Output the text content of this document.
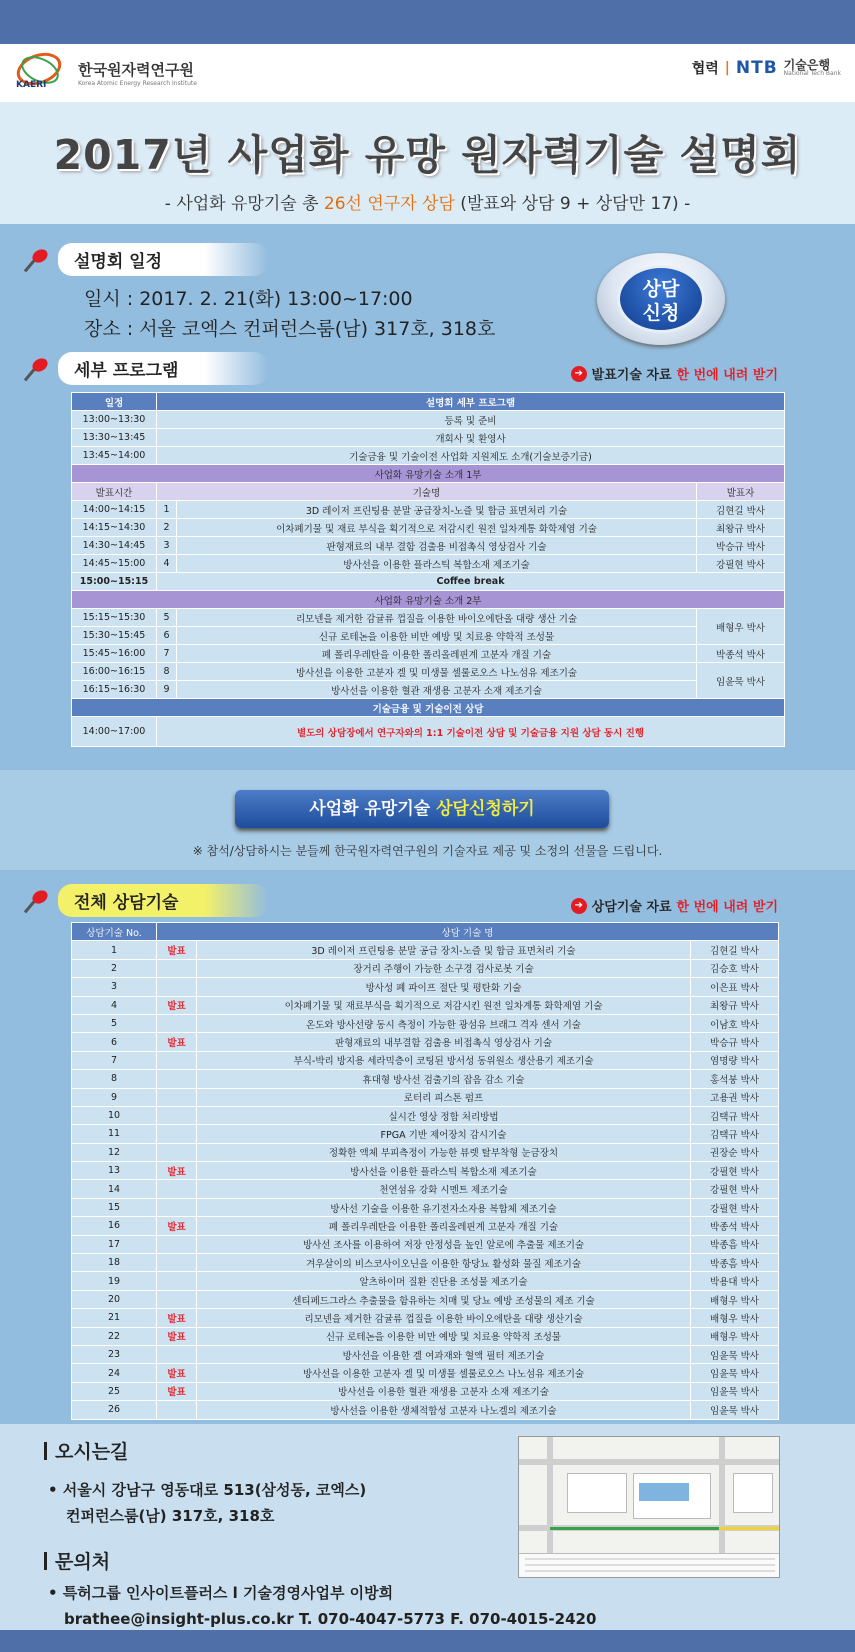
KAERI
한국원자력연구원
Korea Atomic Energy Research Institute
협력 | NTB 기술은행
National Tech Bank
2017년 사업화 유망 원자력기술 설명회
- 사업화 유망기술 총 26선 연구자 상담 (발표와 상담 9 + 상담만 17) -
설명회 일정
일시 : 2017. 2. 21(화) 13:00~17:00
장소 : 서울 코엑스 컨퍼런스룸(남) 317호, 318호
상담
신청
세부 프로그램	➔ 발표기술 자료 한 번에 내려 받기
일정	설명회 세부 프로그램		
13:00~13:30	등록 및 준비		
13:30~13:45	개회사 및 환영사		
13:45~14:00	기술금융 및 기술이전 사업화 지원제도 소개(기술보증기금)		
사업화 유망기술 소개 1부			
발표시간	기술명		발표자
14:00~14:15	1	3D 레이저 프린팅용 분말 공급장치-노즐 및 합금 표면처리 기술	김현길 박사
14:15~14:30	2	이차폐기물 및 재료 부식을 획기적으로 저감시킨 원전 일차계통 화학제염 기술	최왕규 박사
14:30~14:45	3	판형재료의 내부 결함 검출용 비접촉식 영상검사 기술	박승규 박사
14:45~15:00	4	방사선을 이용한 플라스틱 복합소재 제조기술	강필현 박사
15:00~15:15	Coffee break		
사업화 유망기술 소개 2부			
15:15~15:30	5	리모넨을 제거한 감귤류 껍질을 이용한 바이오에탄올 대량 생산 기술	배형우 박사
15:30~15:45	6	신규 로테논을 이용한 비만 예방 및 치료용 약학적 조성물	
15:45~16:00	7	폐 폴리우레탄을 이용한 폴리올레핀계 고분자 개질 기술	박종석 박사
16:00~16:15	8	방사선을 이용한 고분자 겔 및 미생물 셀룰로오스 나노섬유 제조기술	임윤묵 박사
16:15~16:30	9	방사선을 이용한 혈관 재생용 고분자 소재 제조기술	
기술금융 및 기술이전 상담			
14:00~17:00	별도의 상담장에서 연구자와의 1:1 기술이전 상담 및 기술금융 지원 상담 동시 진행		
사업화 유망기술 상담신청하기
※ 참석/상담하시는 분들께 한국원자력연구원의 기술자료 제공 및 소정의 선물을 드립니다.
전체 상담기술	➔ 상담기술 자료 한 번에 내려 받기
상담기술 No.	상담 기술 명		
1	발표	3D 레이저 프린팅용 분말 공급 장치-노즐 및 합금 표면처리 기술	김현길 박사
2		장거리 주행이 가능한 소구경 검사로봇 기술	김승호 박사
3		방사성 폐 파이프 절단 및 평탄화 기술	이은표 박사
4	발표	이차폐기물 및 재료부식을 획기적으로 저감시킨 원전 일차계통 화학제염 기술	최왕규 박사
5		온도와 방사선량 동시 측정이 가능한 광섬유 브래그 격자 센서 기술	이남호 박사
6	발표	판형재료의 내부결함 검출용 비접촉식 영상검사 기술	박승규 박사
7		부식-박리 방지용 세라믹층이 코팅된 방서성 동위원소 생산용기 제조기술	염명량 박사
8		휴대형 방사선 검출기의 잡음 감소 기술	홍석붕 박사
9		로터리 피스톤 펌프	고용권 박사
10		실시간 영상 정합 처리방법	김택규 박사
11		FPGA 기반 제어장치 감시기술	김택규 박사
12		정확한 액체 부피측정이 가능한 뷰렛 탈부착형 눈금장치	권장순 박사
13	발표	방사선을 이용한 플라스틱 복합소재 제조기술	강필현 박사
14		천연섬유 강화 시멘트 제조기술	강필현 박사
15		방사선 기술을 이용한 유기전자소자용 복합체 제조기술	강필현 박사
16	발표	폐 폴리우레탄을 이용한 폴리올레핀계 고분자 개질 기술	박종석 박사
17		방사선 조사를 이용하여 저장 안정성을 높인 알로에 추출물 제조기술	박종흠 박사
18		겨우살이의 비스코사이오닌을 이용한 항당뇨 활성화 물질 제조기술	박종흠 박사
19		알츠하이머 질환 진단용 조성물 제조기술	박용대 박사
20		센티페드그라스 추출물을 함유하는 치매 및 당뇨 예방 조성물의 제조 기술	배형우 박사
21	발표	리모넨을 제거한 감귤류 껍질을 이용한 바이오에탄올 대량 생산기술	배형우 박사
22	발표	신규 로테논을 이용한 비만 예방 및 치료용 약학적 조성물	배형우 박사
23		방사선을 이용한 겔 여과재와 혈액 필터 제조기술	임윤묵 박사
24	발표	방사선을 이용한 고분자 겔 및 미생물 셀룰로오스 나노섬유 제조기술	임윤묵 박사
25	발표	방사선을 이용한 혈관 재생용 고분자 소재 제조기술	임윤묵 박사
26		방사선을 이용한 생체적합성 고분자 나노겔의 제조기술	임윤묵 박사
오시는길
• 서울시 강남구 영동대로 513(삼성동, 코엑스)
컨퍼런스룸(남) 317호, 318호
문의처
• 특허그룹 인사이트플러스 l 기술경영사업부 이방희
brathee@insight-plus.co.kr T. 070-4047-5773 F. 070-4015-2420
